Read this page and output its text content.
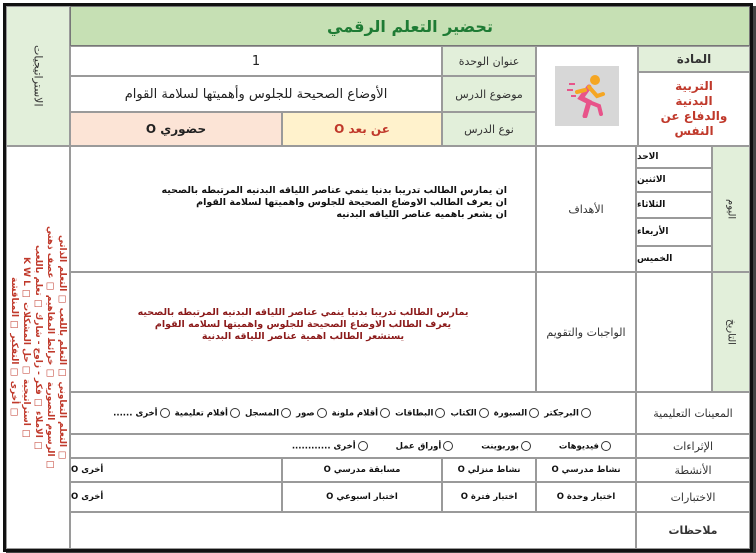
الاستراتيجيات
التعلم التعاوني □ التعلم باللعب □ التعلم الذاتي □
الرسوم التصورية □ خرائط المفاهيم □ عصف ذهني □
الاملاء □ فكر - زاوج - شارك □ تعلم باللعب □
K W L □ استراتيجية □ حل المشكلات □
أخرى □ التفكير □ المناقشة □
تحضير التعلم الرقمي
المادة
التربية
البدنية
والدفاع عن
النفس
عنوان الوحدة
1
موضوع الدرس
الأوضاع الصحيحة للجلوس وأهميتها لسلامة القوام
نوع الدرس
عن بعد O
حضوري O
اليوم
التاريخ
الاحد
الاثنين
الثلاثاء
الأربعاء
الخميس
الأهداف
ان يمارس الطالب تدريبا بدنيا ينمي عناصر اللياقه البدنيه المرتبطه بالصحيه
ان يعرف الطالب الاوضاع الصحيحة للجلوس واهميتها لسلامة القوام
ان يشعر باهميه عناصر اللياقه البدنيه
الواجبات والتقويم
يمارس الطالب تدريبا بدنيا ينمي عناصر اللياقه البدنيه المرتبطه بالصحيه
يعرف الطالب الاوضاع الصحيحة للجلوس واهميتها لسلامه القوام
يستشعر الطالب اهمية عناصر اللياقه البدنية
المعينات التعليمية
البرجكتر
السبورة
الكتاب
البطاقات
أقلام ملونة
صور
المسجل
أفلام تعليمية
أخرى ......
الإثراءات
فيديوهات
بوربوينت
أوراق عمل
أخرى ............
الأنشطة
نشاط مدرسي O
نشاط منزلي O
مسابقة مدرسي O
أخرى O
الاختبارات
اختبار وحدة O
اختبار فترة O
اختبار اسبوعي O
أخرى O
ملاحظات
